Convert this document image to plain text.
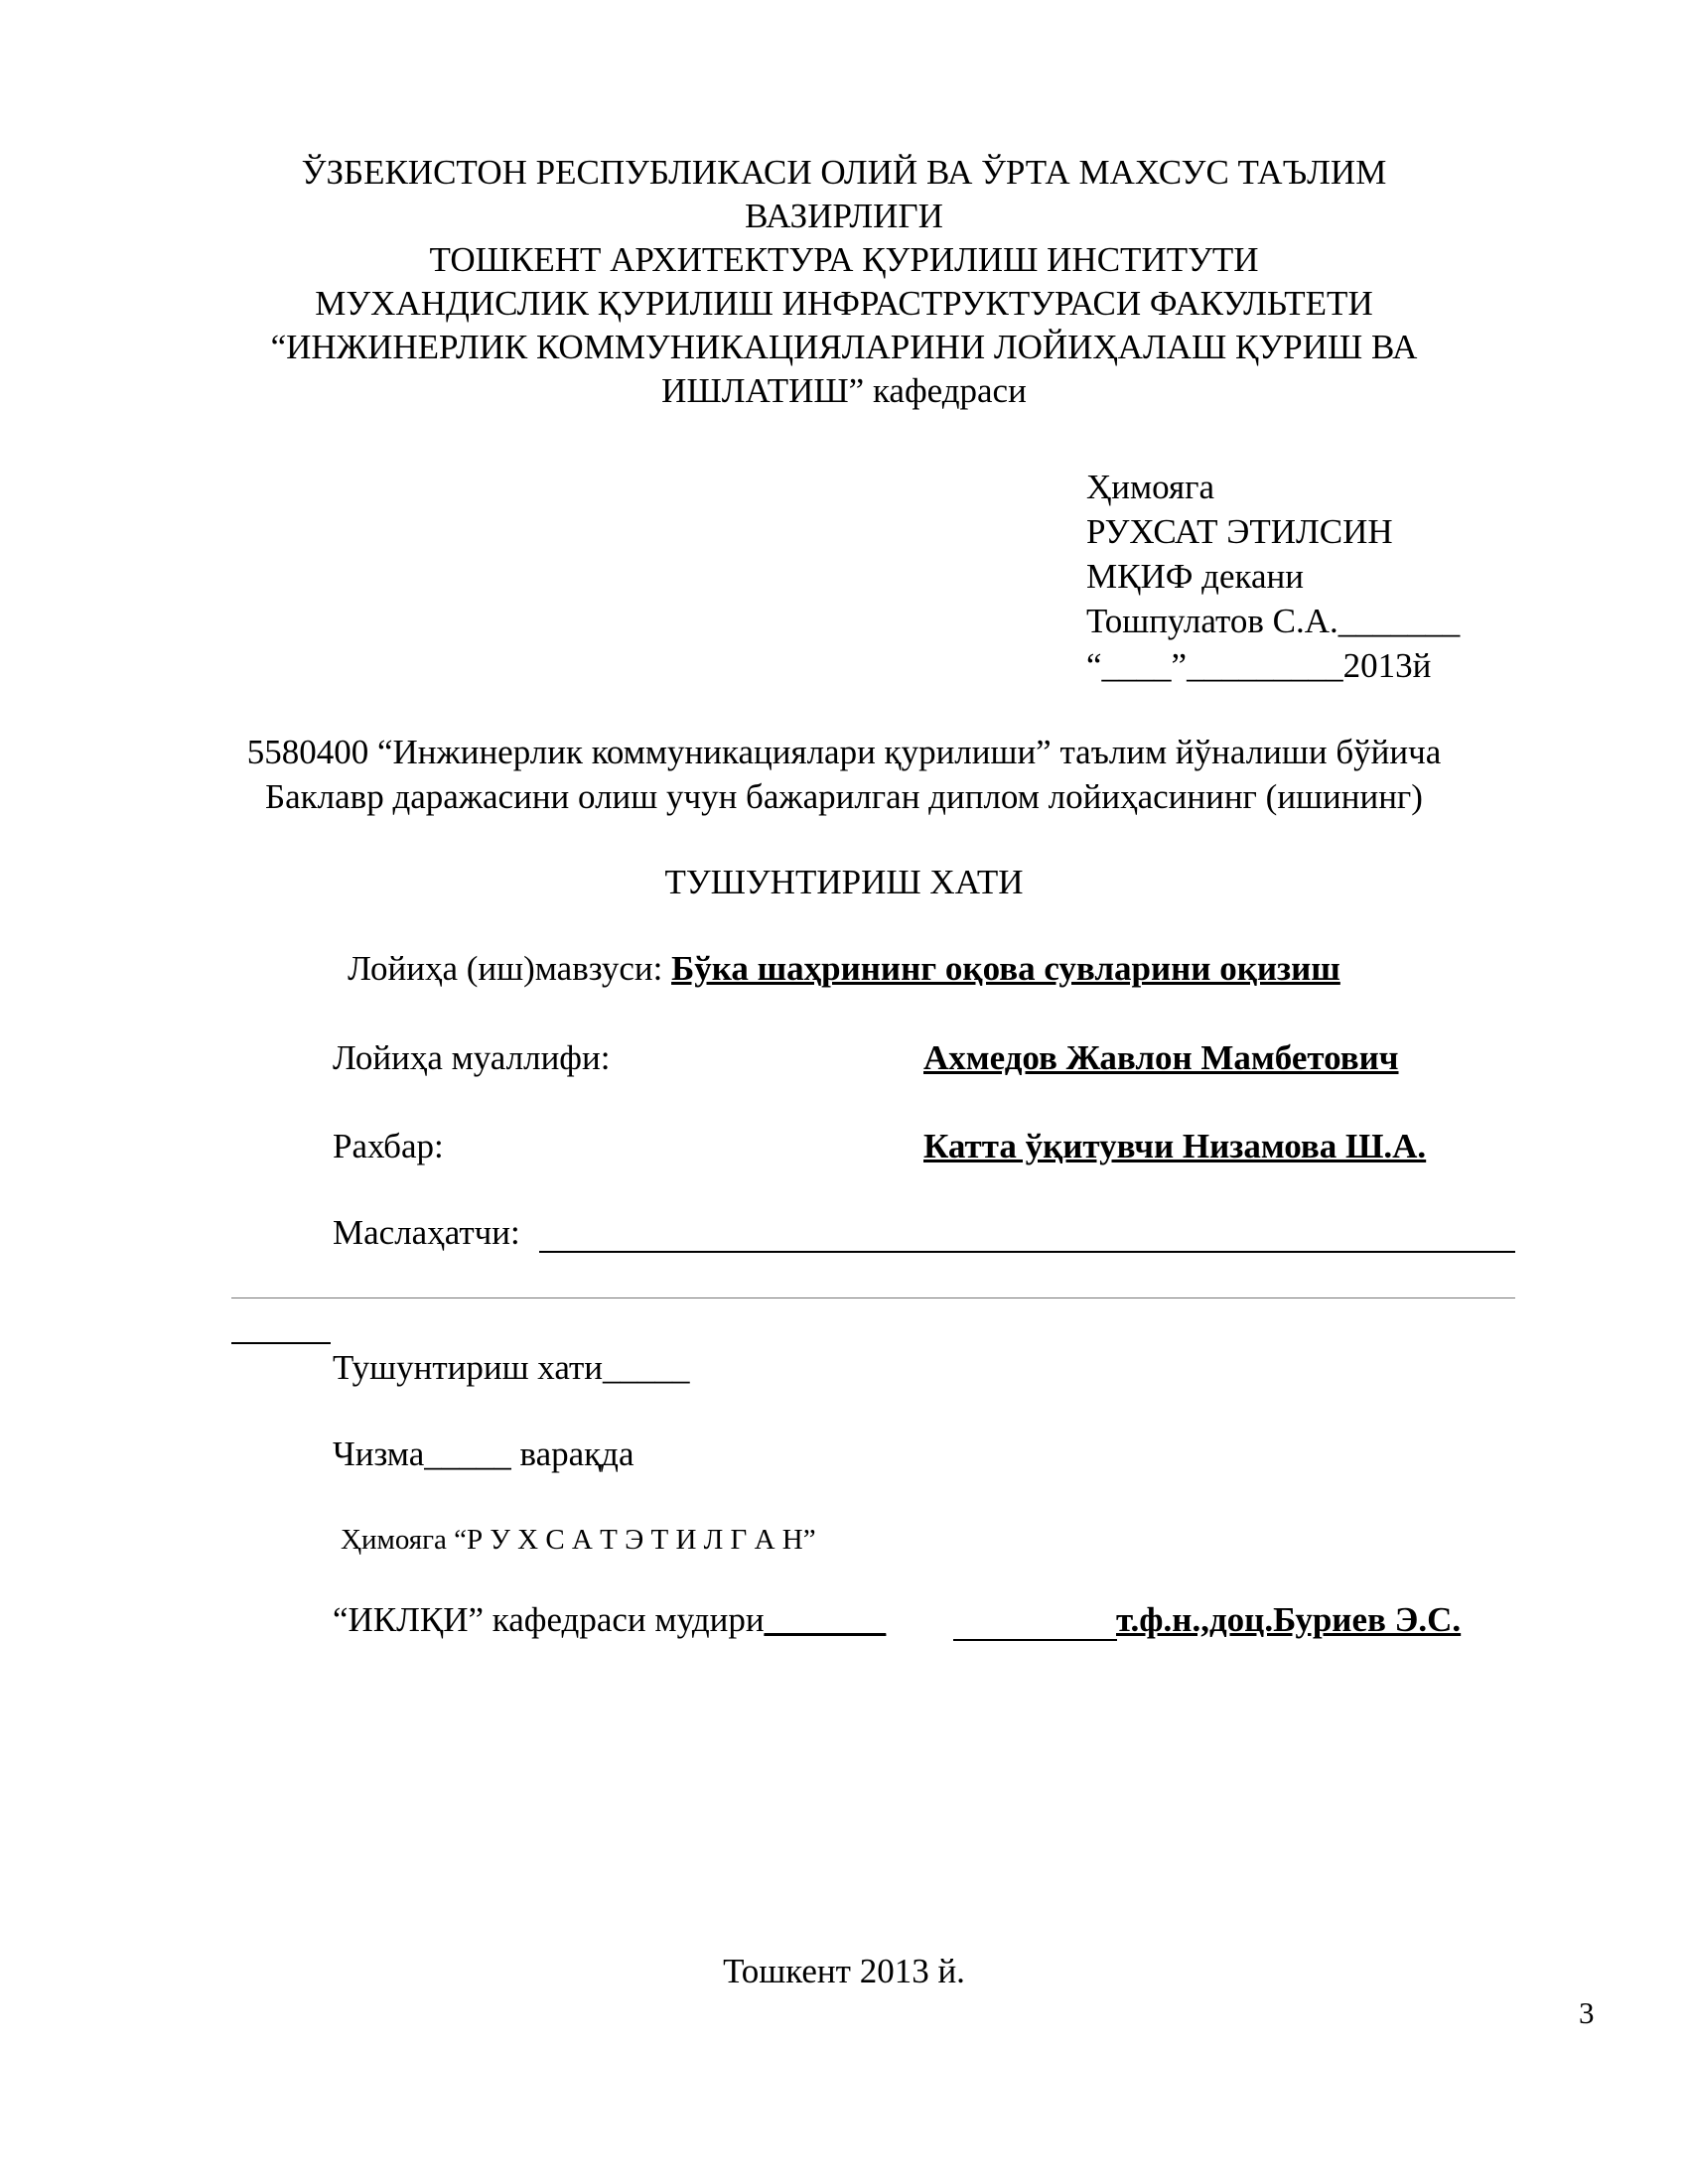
ЎЗБЕКИСТОН РЕСПУБЛИКАСИ ОЛИЙ ВА ЎРТА МАХСУС ТАЪЛИМ
ВАЗИРЛИГИ
ТОШКЕНТ АРХИТЕКТУРА ҚУРИЛИШ ИНСТИТУТИ
МУХАНДИСЛИК ҚУРИЛИШ ИНФРАСТРУКТУРАСИ ФАКУЛЬТЕТИ
“ИНЖИНЕРЛИК КОММУНИКАЦИЯЛАРИНИ ЛОЙИҲАЛАШ ҚУРИШ ВА
ИШЛАТИШ” кафедраси
Ҳимояга
РУХСАТ ЭТИЛСИН
МҚИФ декани
Тошпулатов С.А._______
“____”_________2013й
5580400 “Инжинерлик коммуникациялари қурилиши” таълим йўналиши бўйича
Баклавр даражасини олиш учун бажарилган диплом лойиҳасининг (ишининг)
ТУШУНТИРИШ ХАТИ
Лойиҳа (иш)мавзуси: Бўка шаҳрининг оқова сувларини оқизиш
Лойиҳа муаллифи:	Ахмедов Жавлон Мамбетович
Рахбар:	Катта ўқитувчи Низамова Ш.А.
Маслаҳатчи:
Тушунтириш хати_____
Чизма_____ варақда
Ҳимояга “Р У Х С А Т Э Т И Л Г А Н”
“ИКЛҚИ” кафедраси мудири_______	т.ф.н.,доц.Буриев Э.С.
Тошкент 2013 й.
3
